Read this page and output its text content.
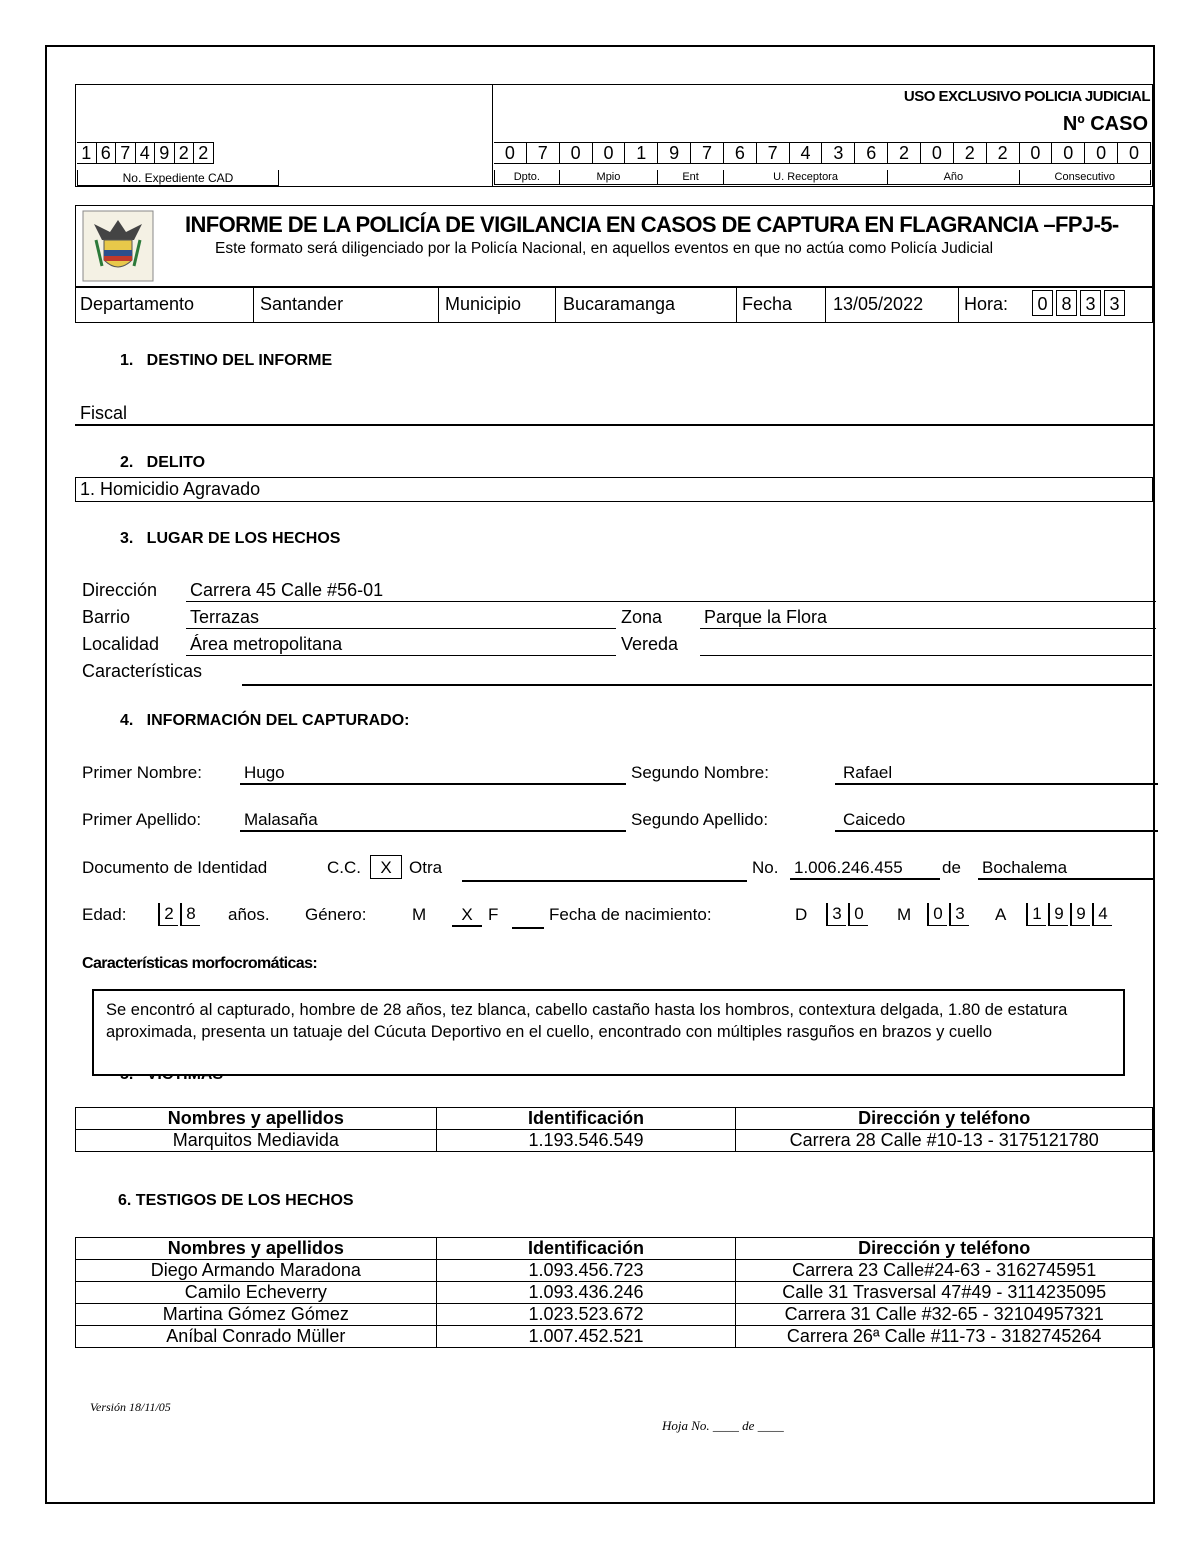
USO EXCLUSIVO POLICIA JUDICIAL
Nº CASO
1 6 7 4 9 2 2
No. Expediente CAD
0	7	0	0	1	9	7	6	7	4	3	6	2	0	2	2	0	0	0	0
Dpto.	Mpio	Ent	U. Receptora	Año	Consecutivo
INFORME DE LA POLICÍA DE VIGILANCIA EN CASOS DE CAPTURA EN FLAGRANCIA –FPJ-5-
Este formato será diligenciado por la Policía Nacional, en aquellos eventos en que no actúa como Policía Judicial
Departamento	Santander	Municipio Bucaramanga	Fecha 13/05/2022 Hora:	0 8 3 3
1.   DESTINO DEL INFORME
Fiscal
2.   DELITO
1. Homicidio Agravado
3.   LUGAR DE LOS HECHOS
Dirección Carrera 45 Calle #56-01
Barrio	Terrazas	Zona Parque la Flora
Localidad Área metropolitana	Vereda
Características
4.   INFORMACIÓN DEL CAPTURADO:
Primer Nombre: Hugo	Segundo Nombre:	Rafael
Primer Apellido:	Malasaña	Segundo Apellido:	Caicedo
Documento de Identidad	C.C.	X	Otra	No. 1.006.246.455	de Bochalema
Edad:	2 8 años. Género:	M	X F	Fecha de nacimiento:	D	3 0 M	0 3 A	1 9 9 4
Características morfocromáticas:
Se encontró al capturado, hombre de 28 años, tez blanca, cabello castaño hasta los hombros, contextura delgada, 1.80 de estatura aproximada, presenta un tatuaje del Cúcuta Deportivo en el cuello, encontrado con múltiples rasguños en brazos y cuello
Nombres y apellidos	Identificación	Dirección y teléfono
Marquitos Mediavida	1.193.546.549	Carrera 28 Calle #10-13 - 3175121780
6. TESTIGOS DE LOS HECHOS
Nombres y apellidos	Identificación	Dirección y teléfono
Diego Armando Maradona	1.093.456.723	Carrera 23 Calle#24-63 - 3162745951
Camilo Echeverry	1.093.436.246	Calle 31 Trasversal 47#49 - 3114235095
Martina Gómez Gómez	1.023.523.672	Carrera 31 Calle #32-65 - 32104957321
Aníbal Conrado Müller	1.007.452.521	Carrera 26ª Calle #11-73 - 3182745264
Versión 18/11/05
Hoja No. ____ de ____
